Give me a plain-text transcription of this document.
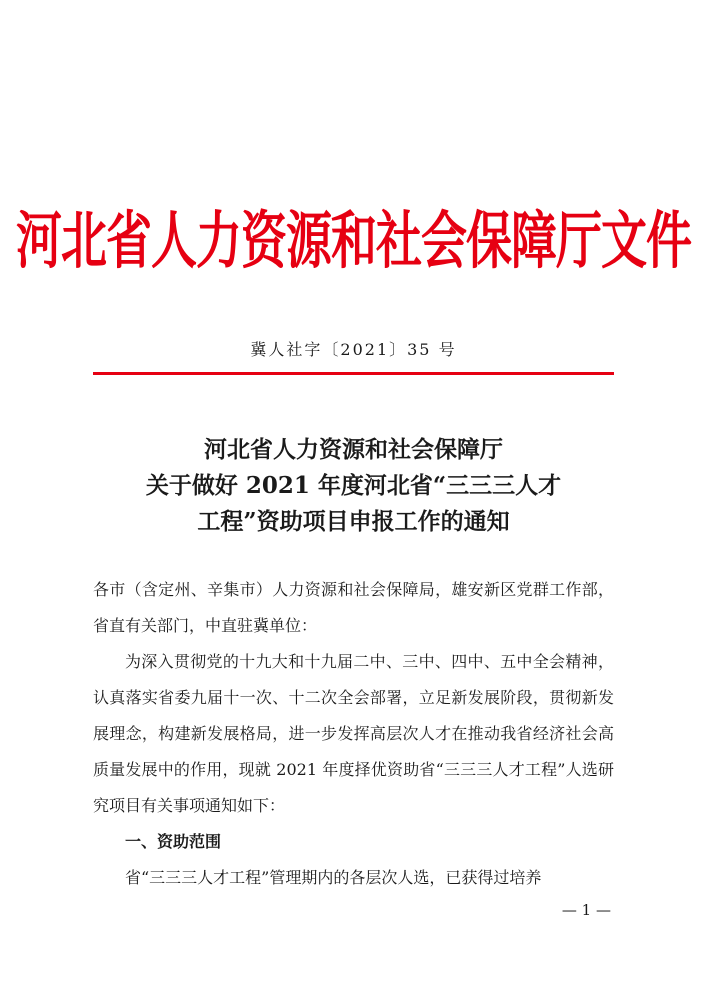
河北省人力资源和社会保障厅文件
冀人社字〔2021〕35 号
河北省人力资源和社会保障厅
关于做好 2021 年度河北省“三三三人才
工程”资助项目申报工作的通知

各市（含定州、辛集市）人力资源和社会保障局，雄安新区党群工作部，省直有关部门，中直驻冀单位：

为深入贯彻党的十九大和十九届二中、三中、四中、五中全会精神，认真落实省委九届十一次、十二次全会部署，立足新发展阶段，贯彻新发展理念，构建新发展格局，进一步发挥高层次人才在推动我省经济社会高质量发展中的作用，现就 2021 年度择优资助省“三三三人才工程”人选研究项目有关事项通知如下：

一、资助范围

省“三三三人才工程”管理期内的各层次人选，已获得过培养

— 1 —
